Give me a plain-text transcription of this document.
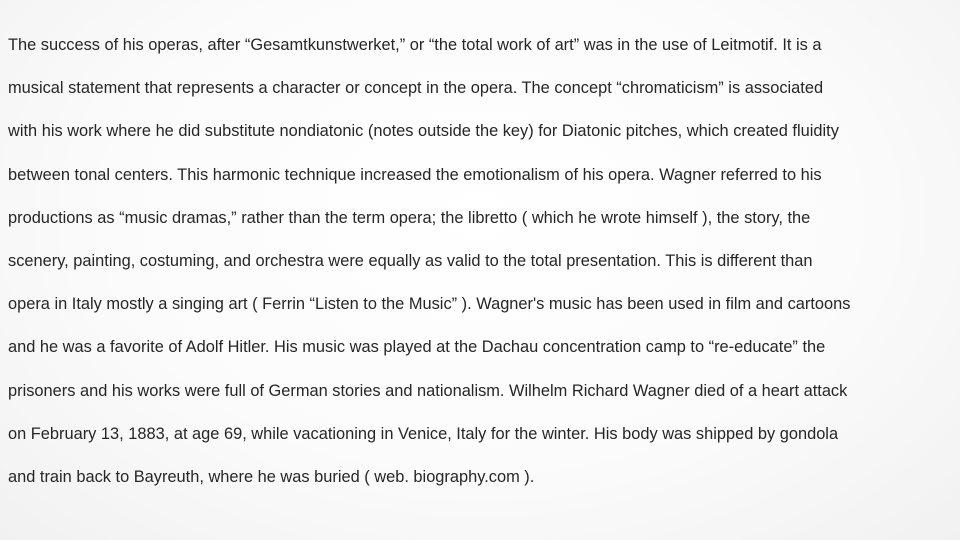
The success of his operas, after “Gesamtkunstwerket,” or “the total work of art” was in the use of Leitmotif. It is a
musical statement that represents a character or concept in the opera. The concept “chromaticism” is associated
with his work where he did substitute nondiatonic (notes outside the key) for Diatonic pitches, which created fluidity
between tonal centers. This harmonic technique increased the emotionalism of his opera. Wagner referred to his
productions as “music dramas,” rather than the term opera; the libretto ( which he wrote himself ), the story, the
scenery, painting, costuming, and orchestra were equally as valid to the total presentation. This is different than
opera in Italy mostly a singing art ( Ferrin “Listen to the Music” ). Wagner's music has been used in film and cartoons
and he was a favorite of Adolf Hitler. His music was played at the Dachau concentration camp to “re-educate” the
prisoners and his works were full of German stories and nationalism. Wilhelm Richard Wagner died of a heart attack
on February 13, 1883, at age 69, while vacationing in Venice, Italy for the winter. His body was shipped by gondola
and train back to Bayreuth, where he was buried ( web. biography.com ).
